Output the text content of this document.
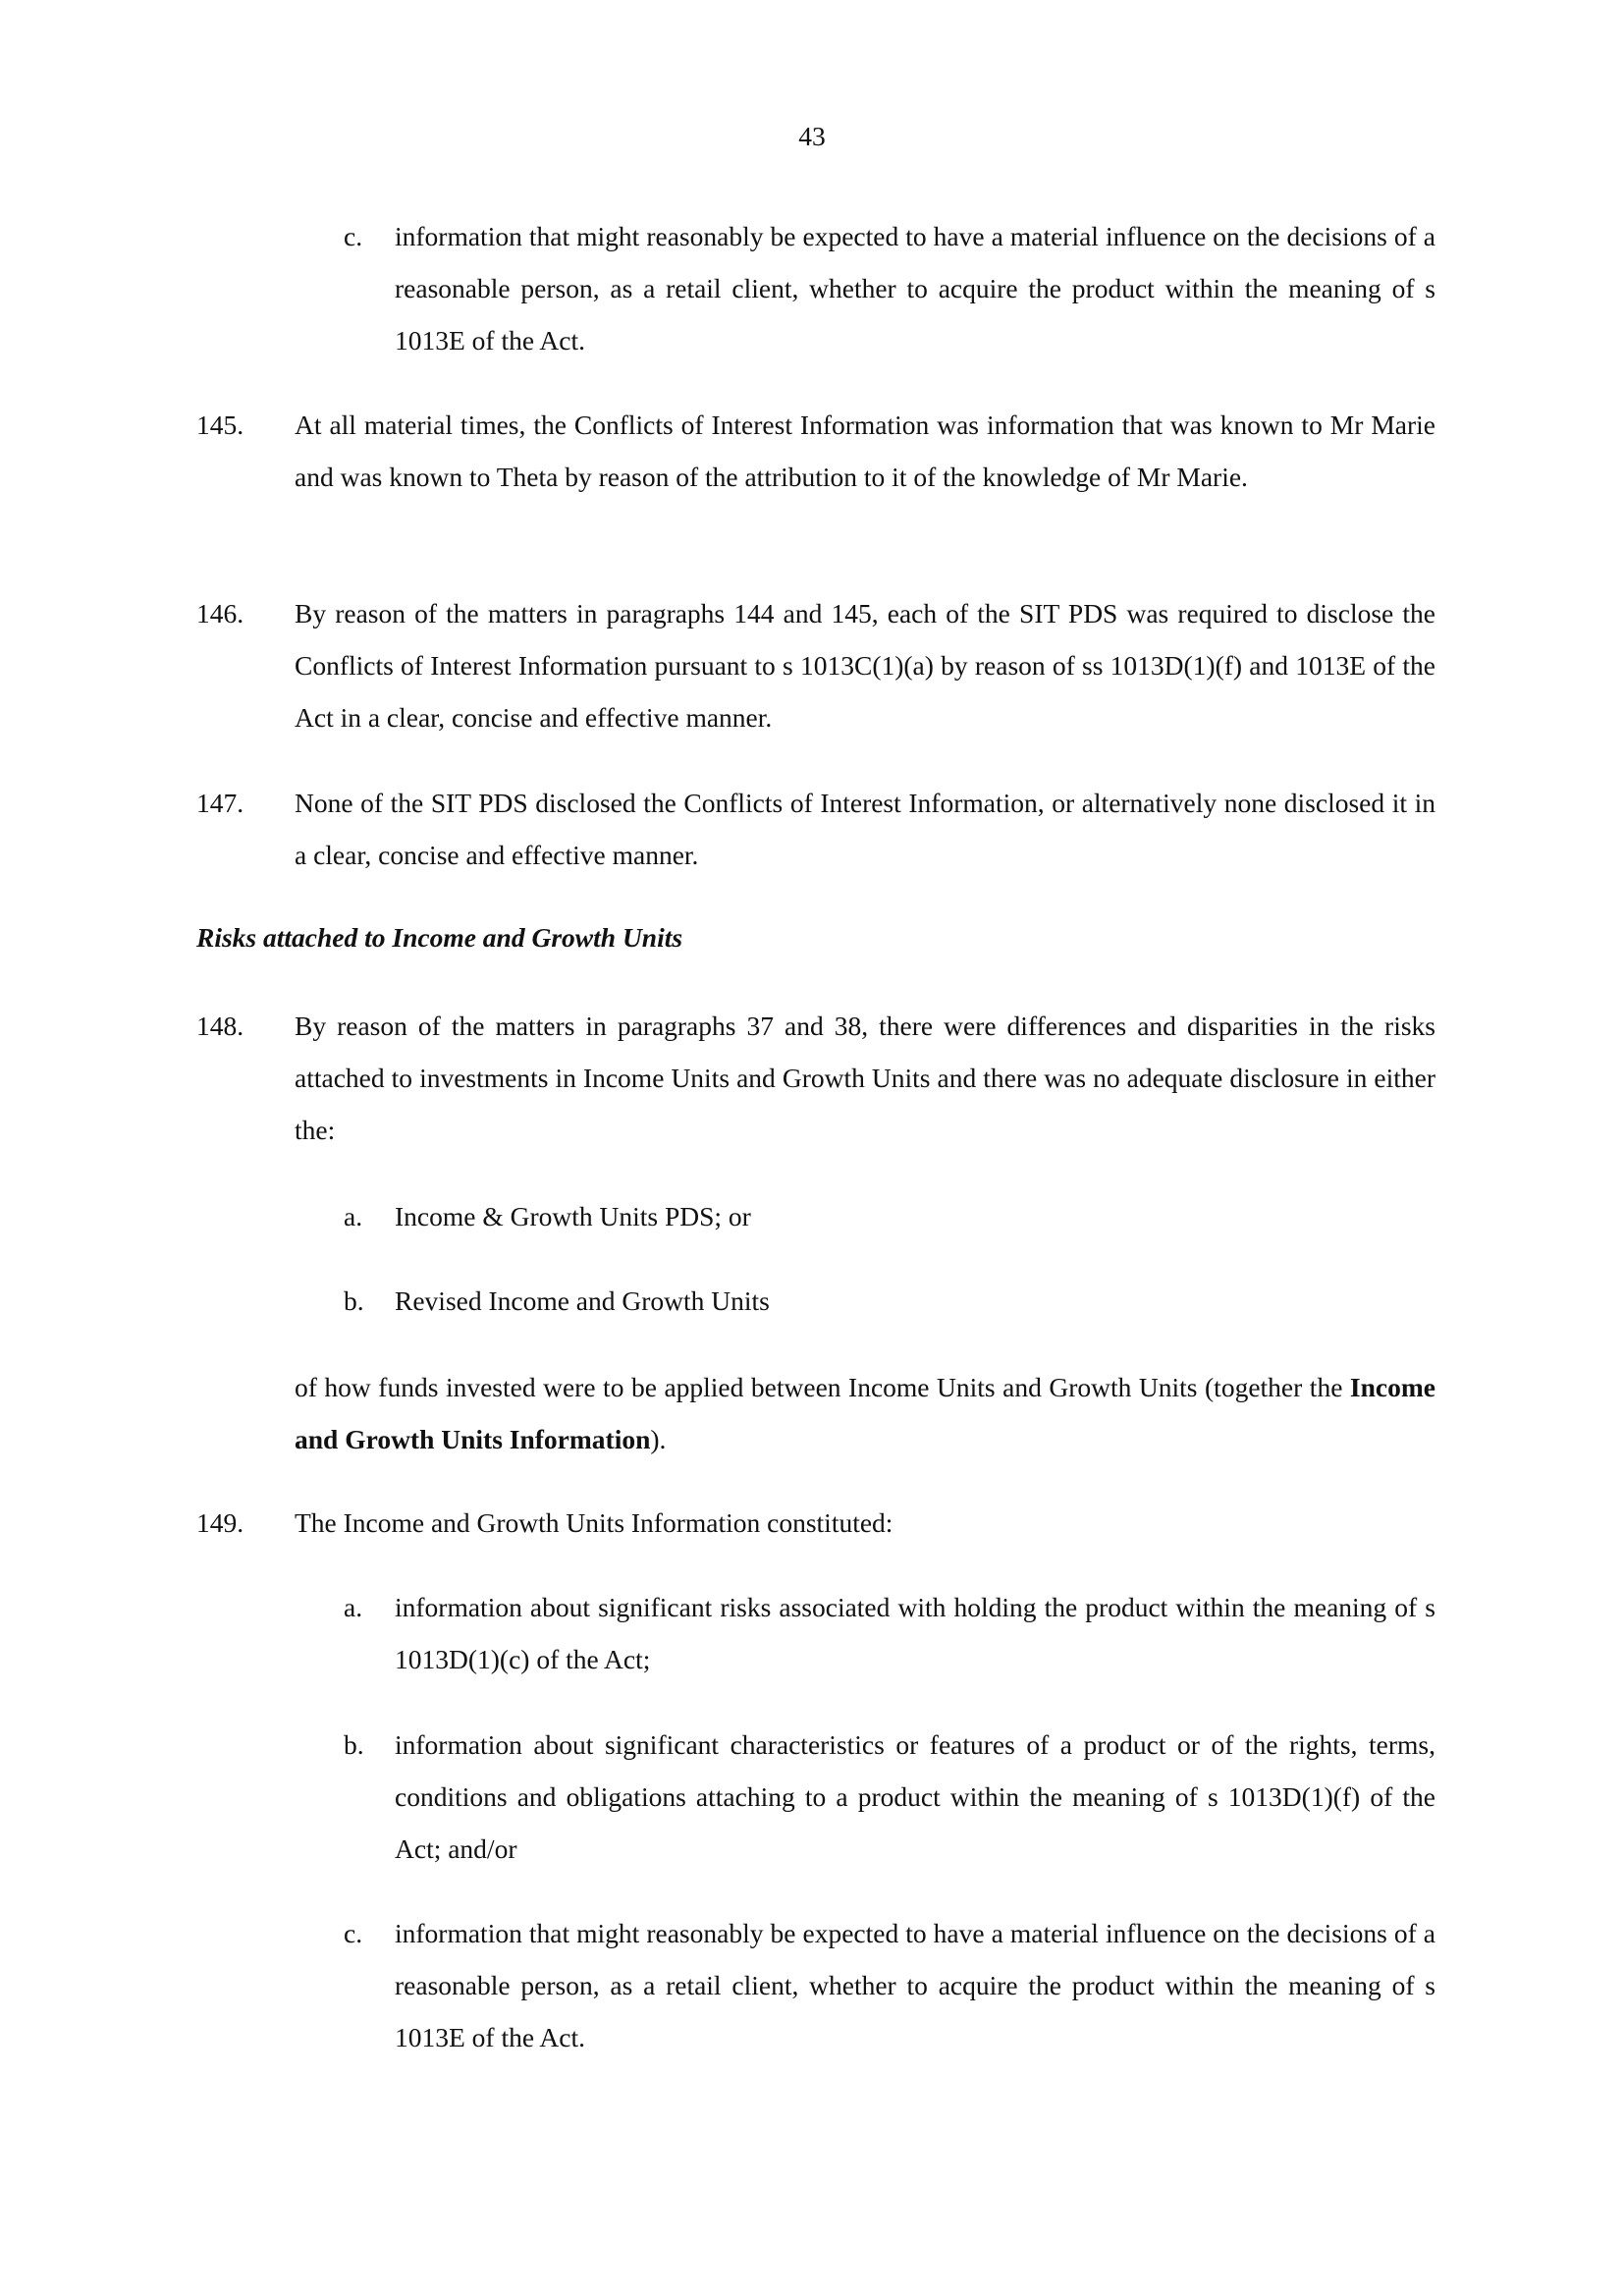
43
c. information that might reasonably be expected to have a material influence on the decisions of a reasonable person, as a retail client, whether to acquire the product within the meaning of s 1013E of the Act.

145. At all material times, the Conflicts of Interest Information was information that was known to Mr Marie and was known to Theta by reason of the attribution to it of the knowledge of Mr Marie.

146. By reason of the matters in paragraphs 144 and 145, each of the SIT PDS was required to disclose the Conflicts of Interest Information pursuant to s 1013C(1)(a) by reason of ss 1013D(1)(f) and 1013E of the Act in a clear, concise and effective manner.

147. None of the SIT PDS disclosed the Conflicts of Interest Information, or alternatively none disclosed it in a clear, concise and effective manner.

Risks attached to Income and Growth Units
148. By reason of the matters in paragraphs 37 and 38, there were differences and disparities in the risks attached to investments in Income Units and Growth Units and there was no adequate disclosure in either the:

a. Income & Growth Units PDS; or

b. Revised Income and Growth Units

of how funds invested were to be applied between Income Units and Growth Units (together the Income and Growth Units Information).

149. The Income and Growth Units Information constituted:

a. information about significant risks associated with holding the product within the meaning of s 1013D(1)(c) of the Act;

b. information about significant characteristics or features of a product or of the rights, terms, conditions and obligations attaching to a product within the meaning of s 1013D(1)(f) of the Act; and/or

c. information that might reasonably be expected to have a material influence on the decisions of a reasonable person, as a retail client, whether to acquire the product within the meaning of s 1013E of the Act.
